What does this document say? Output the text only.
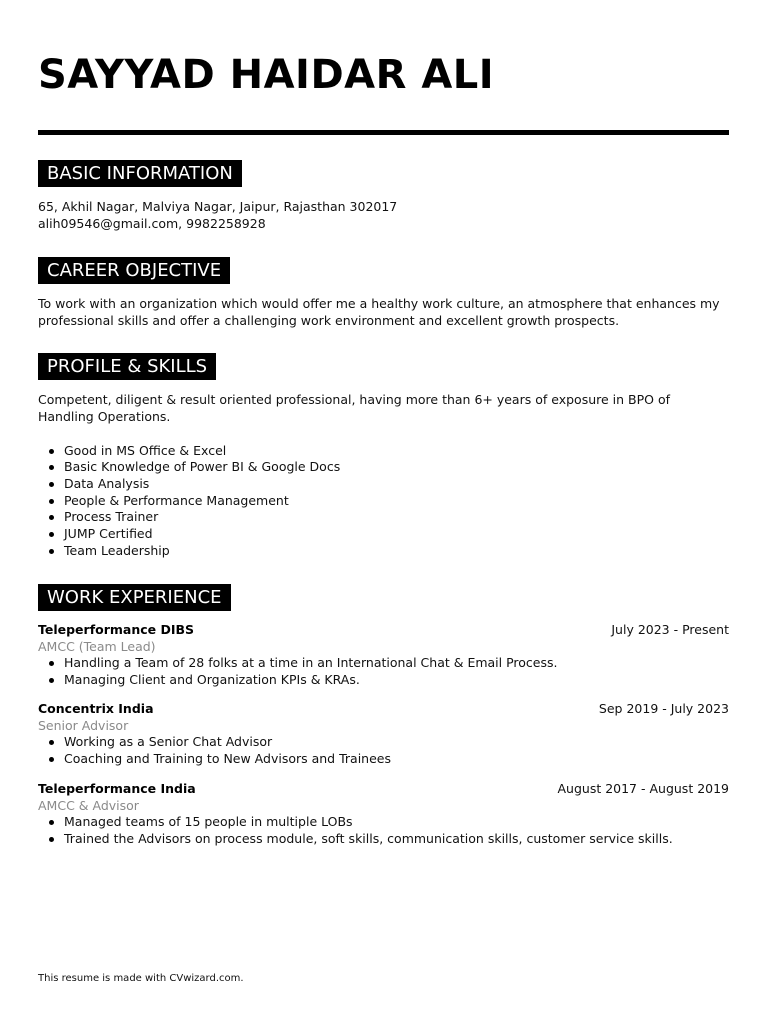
SAYYAD HAIDAR ALI
BASIC INFORMATION
65, Akhil Nagar, Malviya Nagar, Jaipur, Rajasthan 302017
alih09546@gmail.com, 9982258928
CAREER OBJECTIVE
To work with an organization which would offer me a healthy work culture, an atmosphere that enhances my professional skills and offer a challenging work environment and excellent growth prospects.
PROFILE & SKILLS
Competent, diligent & result oriented professional, having more than 6+ years of exposure in BPO of Handling Operations.
Good in MS Office & Excel
Basic Knowledge of Power BI & Google Docs
Data Analysis
People & Performance Management
Process Trainer
JUMP Certified
Team Leadership
WORK EXPERIENCE
Teleperformance DIBS	July 2023 - Present
AMCC (Team Lead)
Handling a Team of 28 folks at a time in an International Chat & Email Process.
Managing Client and Organization KPIs & KRAs.
Concentrix India	Sep 2019 - July 2023
Senior Advisor
Working as a Senior Chat Advisor
Coaching and Training to New Advisors and Trainees
Teleperformance India	August 2017 - August 2019
AMCC & Advisor
Managed teams of 15 people in multiple LOBs
Trained the Advisors on process module, soft skills, communication skills, customer service skills.
This resume is made with CVwizard.com.
